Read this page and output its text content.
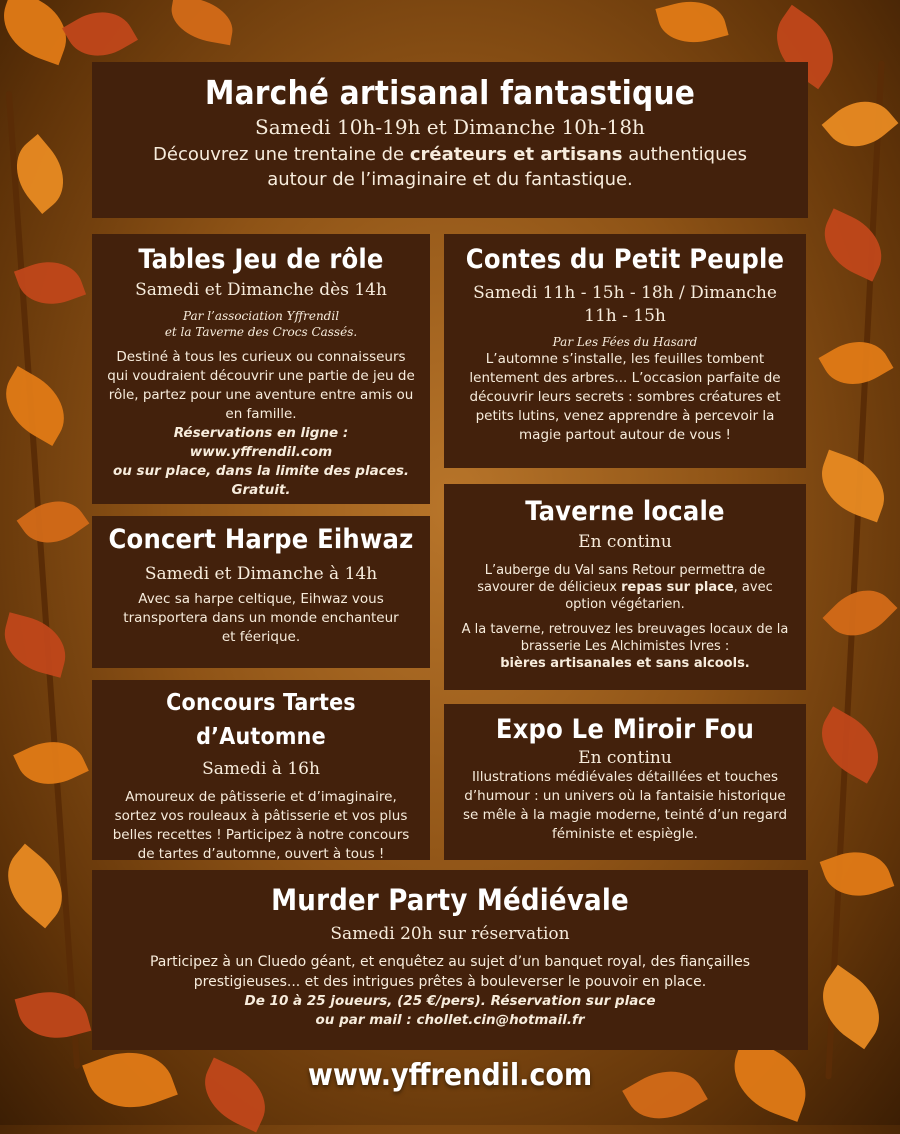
Marché artisanal fantastique

Samedi 10h-19h et Dimanche 10h-18h

Découvrez une trentaine de créateurs et artisans authentiques autour de l’imaginaire et du fantastique.

Tables Jeu de rôle

Samedi et Dimanche dès 14h

Par l’association Yffrendil

et la Taverne des Crocs Cassés.

Destiné à tous les curieux ou connaisseurs qui voudraient découvrir une partie de jeu de rôle, partez pour une aventure entre amis ou en famille.

Réservations en ligne : www.yffrendil.com

ou sur place, dans la limite des places.

Gratuit.

Contes du Petit Peuple

Samedi 11h - 15h - 18h / Dimanche 11h - 15h

Par Les Fées du Hasard

L’automne s’installe, les feuilles tombent lentement des arbres... L’occasion parfaite de découvrir leurs secrets : sombres créatures et petits lutins, venez apprendre à percevoir la magie partout autour de vous !

Concert Harpe Eihwaz

Samedi et Dimanche à 14h

Avec sa harpe celtique, Eihwaz vous transportera dans un monde enchanteur et féerique.

Taverne locale

En continu

L’auberge du Val sans Retour permettra de savourer de délicieux repas sur place, avec option végétarien.

A la taverne, retrouvez les breuvages locaux de la brasserie Les Alchimistes Ivres :

bières artisanales et sans alcools.

Concours Tartes d’Automne

Samedi à 16h

Amoureux de pâtisserie et d’imaginaire, sortez vos rouleaux à pâtisserie et vos plus belles recettes ! Participez à notre concours de tartes d’automne, ouvert à tous !

Expo Le Miroir Fou

En continu

Illustrations médiévales détaillées et touches d’humour : un univers où la fantaisie historique se mêle à la magie moderne, teinté d’un regard féministe et espiègle.

Murder Party Médiévale

Samedi 20h sur réservation

Participez à un Cluedo géant, et enquêtez au sujet d’un banquet royal, des fiançailles prestigieuses... et des intrigues prêtes à bouleverser le pouvoir en place.

De 10 à 25 joueurs, (25 €/pers). Réservation sur place

ou par mail : chollet.cin@hotmail.fr

www.yffrendil.com
